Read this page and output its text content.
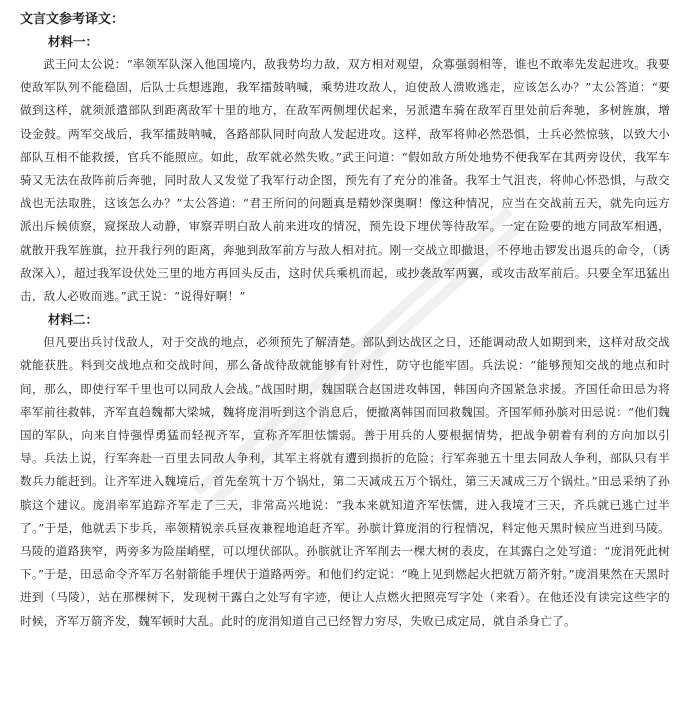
文言文参考译文：
材料一：

武王问太公说：“率领军队深入他国境内，敌我势均力敌，双方相对观望，众寡强弱相等，谁也不敢率先发起进攻。我要使敌军队列不能稳固，后队士兵想逃跑，我军擂鼓呐喊，乘势进攻敌人，迫使敌人溃败逃走，应该怎么办？”太公答道：“要做到这样，就须派遣部队到距离敌军十里的地方，在敌军两侧埋伏起来，另派遣车骑在敌军百里处前后奔驰，多树旌旗，增设金鼓。两军交战后，我军擂鼓呐喊，各路部队同时向敌人发起进攻。这样，敌军将帅必然恐惧，士兵必然惊骇，以致大小部队互相不能救援，官兵不能照应。如此，敌军就必然失败。”武王问道：“假如敌方所处地势不便我军在其两旁设伏，我军车骑又无法在敌阵前后奔驰，同时敌人又发觉了我军行动企图，预先有了充分的准备。我军士气沮丧，将帅心怀恐惧，与敌交战也无法取胜，这该怎么办？”太公答道：“君王所问的问题真是精妙深奥啊！像这种情况，应当在交战前五天，就先向远方派出斥候侦察，窥探敌人动静，审察弄明白敌人前来进攻的情况，预先设下埋伏等待敌军。一定在险要的地方同敌军相遇，就散开我军旌旗，拉开我行列的距离，奔驰到敌军前方与敌人相对抗。刚一交战立即撤退，不停地击锣发出退兵的命令，（诱敌深入），超过我军设伏处三里的地方再回头反击，这时伏兵乘机而起，或抄袭敌军两翼，或攻击敌军前后。只要全军迅猛出击，敌人必败而逃。”武王说：“说得好啊！”

材料二：

但凡要出兵讨伐敌人，对于交战的地点，必须预先了解清楚。部队到达战区之日，还能调动敌人如期到来，这样对敌交战就能获胜。料到交战地点和交战时间，那么备战待敌就能够有针对性，防守也能牢固。兵法说：“能够预知交战的地点和时间，那么，即使行军千里也可以同敌人会战。”战国时期，魏国联合赵国进攻韩国，韩国向齐国紧急求援。齐国任命田忌为将率军前往救韩，齐军直趋魏都大梁城，魏将庞涓听到这个消息后，便撤离韩国而回救魏国。齐国军师孙膑对田忌说：“他们魏国的军队，向来自恃强悍勇猛而轻视齐军，宣称齐军胆怯懦弱。善于用兵的人要根据情势，把战争朝着有利的方向加以引导。兵法上说，行军奔赴一百里去同敌人争利，其军主将就有遭到损折的危险；行军奔驰五十里去同敌人争利，部队只有半数兵力能赶到。让齐军进入魏境后，首先垒筑十万个锅灶，第二天减成五万个锅灶，第三天减成三万个锅灶。”田忌采纳了孙膑这个建议。庞涓率军追踪齐军走了三天，非常高兴地说：“我本来就知道齐军怯懦，进入我境才三天，齐兵就已逃亡过半了。”于是，他就丢下步兵，率领精锐亲兵昼夜兼程地追赶齐军。孙膑计算庞涓的行程情况，料定他天黑时候应当进到马陵。马陵的道路狭窄，两旁多为险崖峭壁，可以埋伏部队。孙膑就让齐军削去一棵大树的表皮，在其露白之处写道：“庞涓死此树下。”于是，田忌命令齐军万名射箭能手埋伏于道路两旁。和他们约定说：“晚上见到燃起火把就万箭齐射。”庞涓果然在天黑时进到（马陵），站在那棵树下，发现树干露白之处写有字迹，便让人点燃火把照亮写字处（来看）。在他还没有读完这些字的时候，齐军万箭齐发，魏军顿时大乱。此时的庞涓知道自己已经智力穷尽，失败已成定局，就自杀身亡了。
